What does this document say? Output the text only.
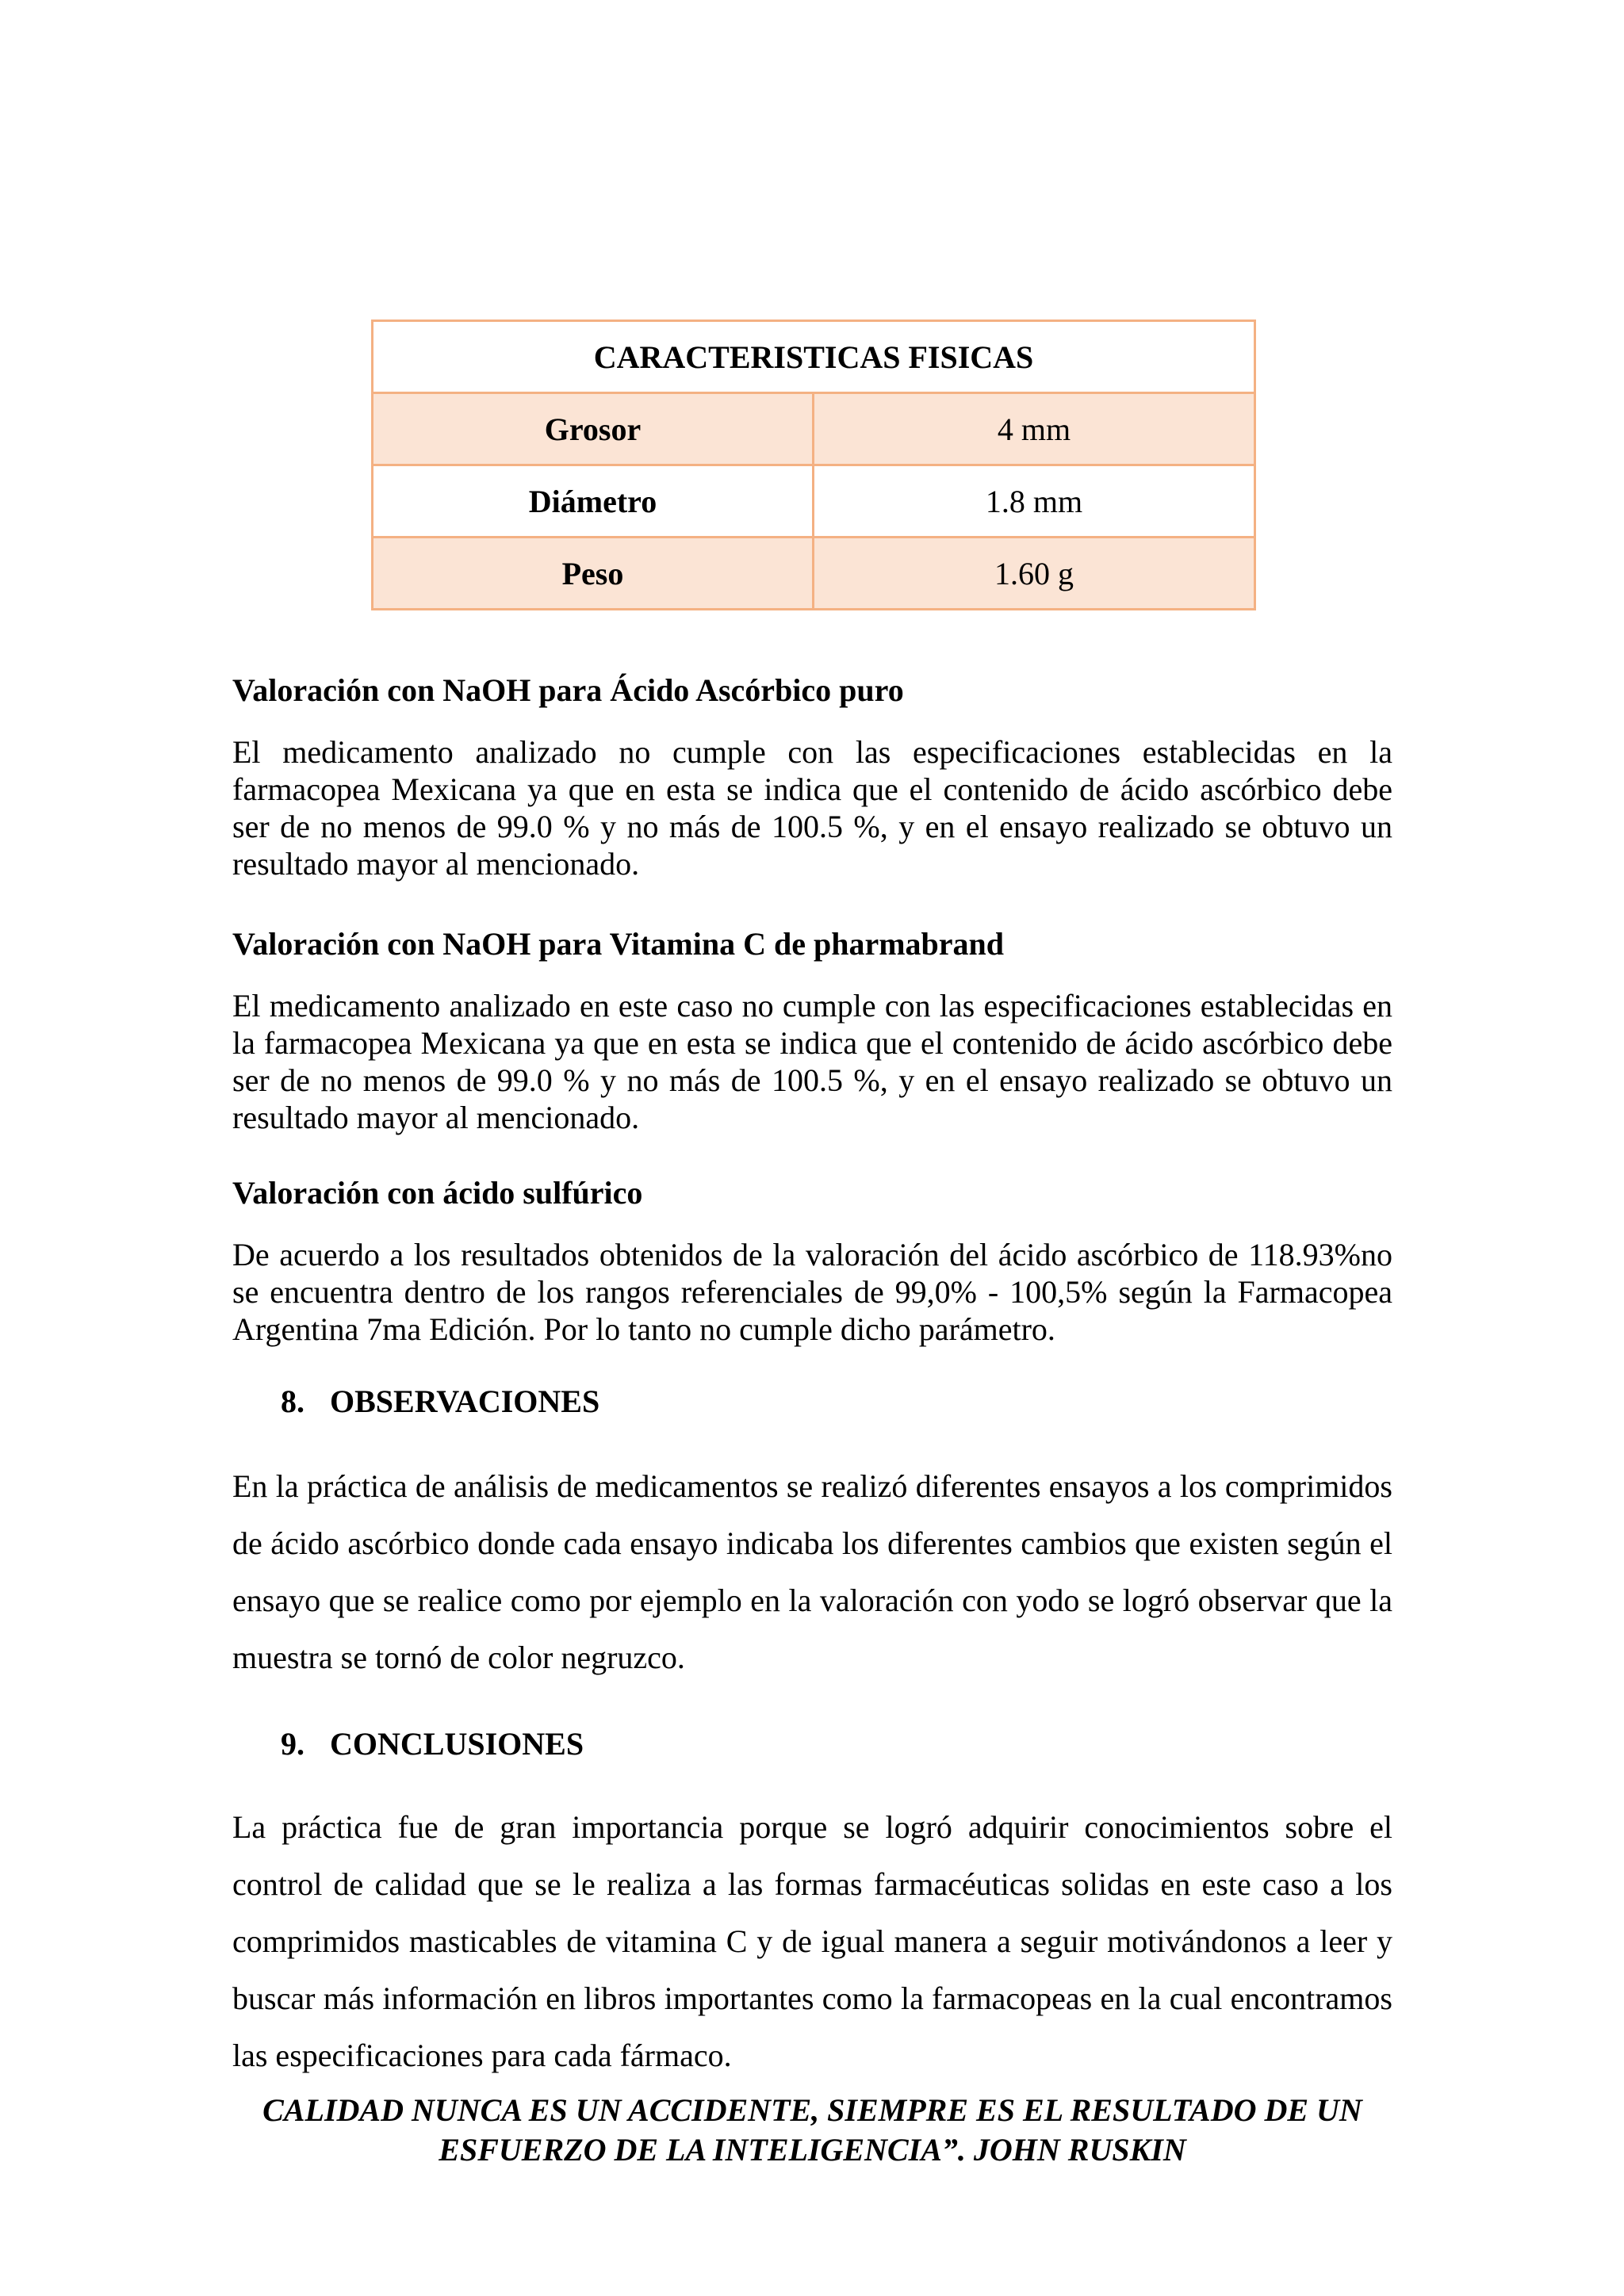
CARACTERISTICAS FISICAS	
Grosor	4 mm
Diámetro	1.8 mm
Peso	1.60 g

Valoración con NaOH para Ácido Ascórbico puro

El medicamento analizado no cumple con las especificaciones establecidas en la farmacopea Mexicana ya que en esta se indica que el contenido de ácido ascórbico debe ser de no menos de 99.0 % y no más de 100.5 %, y en el ensayo realizado se obtuvo un resultado mayor al mencionado.

Valoración con NaOH para Vitamina C de pharmabrand

El medicamento analizado en este caso no cumple con las especificaciones establecidas en la farmacopea Mexicana ya que en esta se indica que el contenido de ácido ascórbico debe ser de no menos de 99.0 % y no más de 100.5 %, y en el ensayo realizado se obtuvo un resultado mayor al mencionado.

Valoración con ácido sulfúrico

De acuerdo a los resultados obtenidos de la valoración del ácido ascórbico de 118.93%no se encuentra dentro de los rangos referenciales de 99,0% - 100,5% según la Farmacopea Argentina 7ma Edición. Por lo tanto no cumple dicho parámetro.

8. OBSERVACIONES

En la práctica de análisis de medicamentos se realizó diferentes ensayos a los comprimidos de ácido ascórbico donde cada ensayo indicaba los diferentes cambios que existen según el ensayo que se realice como por ejemplo en la valoración con yodo se logró observar que la muestra se tornó de color negruzco.

9. CONCLUSIONES

La práctica fue de gran importancia porque se logró adquirir conocimientos sobre el control de calidad que se le realiza a las formas farmacéuticas solidas en este caso a los comprimidos masticables de vitamina C y de igual manera a seguir motivándonos a leer y buscar más información en libros importantes como la farmacopeas en la cual encontramos las especificaciones para cada fármaco.

CALIDAD NUNCA ES UN ACCIDENTE, SIEMPRE ES EL RESULTADO DE UN
ESFUERZO DE LA INTELIGENCIA”. JOHN RUSKIN
